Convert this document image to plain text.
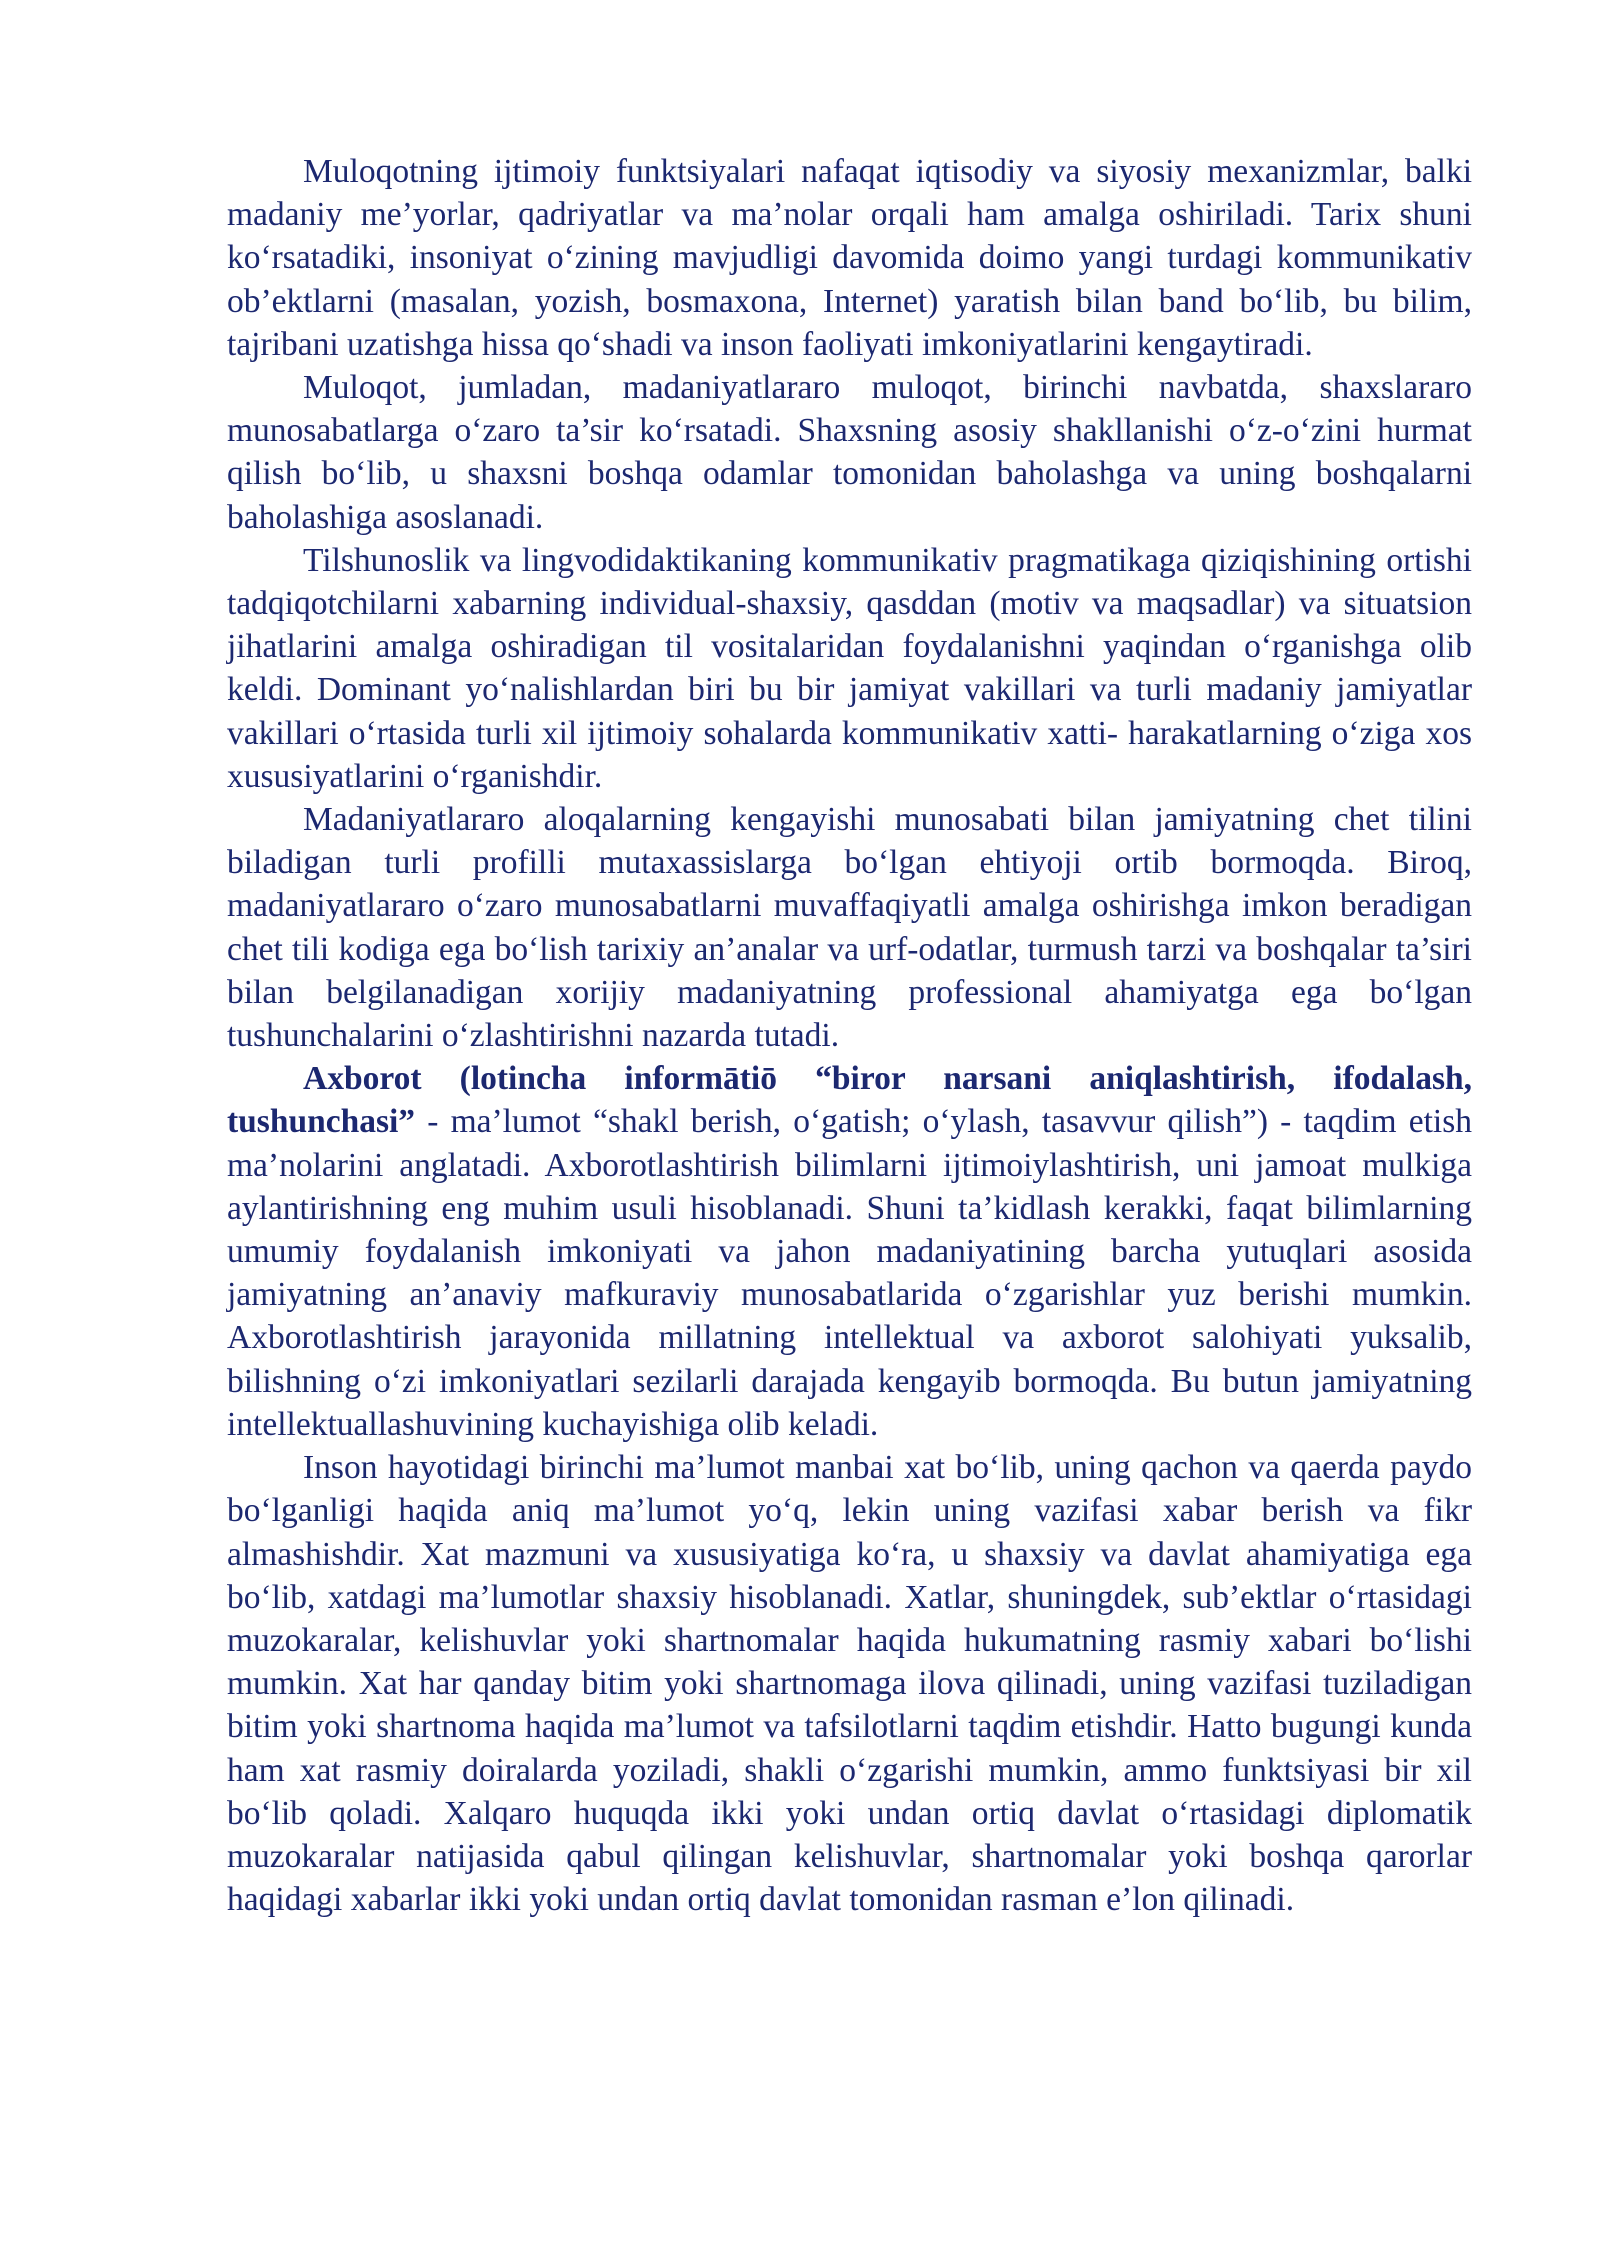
Muloqotning ijtimoiy funktsiyalari nafaqat iqtisodiy va siyosiy mexanizmlar, balki madaniy me’yorlar, qadriyatlar va ma’nolar orqali ham amalga oshiriladi. Tarix shuni ko‘rsatadiki, insoniyat o‘zining mavjudligi davomida doimo yangi turdagi kommunikativ ob’ektlarni (masalan, yozish, bosmaxona, Internet) yaratish bilan band bo‘lib, bu bilim, tajribani uzatishga hissa qo‘shadi va inson faoliyati imkoniyatlarini kengaytiradi.

Muloqot, jumladan, madaniyatlararo muloqot, birinchi navbatda, shaxslararo munosabatlarga o‘zaro ta’sir ko‘rsatadi. Shaxsning asosiy shakllanishi o‘z-o‘zini hurmat qilish bo‘lib, u shaxsni boshqa odamlar tomonidan baholashga va uning boshqalarni baholashiga asoslanadi.

Tilshunoslik va lingvodidaktikaning kommunikativ pragmatikaga qiziqishining ortishi tadqiqotchilarni xabarning individual-shaxsiy, qasddan (motiv va maqsadlar) va situatsion jihatlarini amalga oshiradigan til vositalaridan foydalanishni yaqindan o‘rganishga olib keldi. Dominant yo‘nalishlardan biri bu bir jamiyat vakillari va turli madaniy jamiyatlar vakillari o‘rtasida turli xil ijtimoiy sohalarda kommunikativ xatti- harakatlarning o‘ziga xos xususiyatlarini o‘rganishdir.

Madaniyatlararo aloqalarning kengayishi munosabati bilan jamiyatning chet tilini biladigan turli profilli mutaxassislarga bo‘lgan ehtiyoji ortib bormoqda. Biroq, madaniyatlararo o‘zaro munosabatlarni muvaffaqiyatli amalga oshirishga imkon beradigan chet tili kodiga ega bo‘lish tarixiy an’analar va urf-odatlar, turmush tarzi va boshqalar ta’siri bilan belgilanadigan xorijiy madaniyatning professional ahamiyatga ega bo‘lgan tushunchalarini o‘zlashtirishni nazarda tutadi.

Axborot (lotincha informātiō “biror narsani aniqlashtirish, ifodalash, tushunchasi” - ma’lumot “shakl berish, o‘gatish; o‘ylash, tasavvur qilish”) - taqdim etish ma’nolarini anglatadi. Axborotlashtirish bilimlarni ijtimoiylashtirish, uni jamoat mulkiga aylantirishning eng muhim usuli hisoblanadi. Shuni ta’kidlash kerakki, faqat bilimlarning umumiy foydalanish imkoniyati va jahon madaniyatining barcha yutuqlari asosida jamiyatning an’anaviy mafkuraviy munosabatlarida o‘zgarishlar yuz berishi mumkin. Axborotlashtirish jarayonida millatning intellektual va axborot salohiyati yuksalib, bilishning o‘zi imkoniyatlari sezilarli darajada kengayib bormoqda. Bu butun jamiyatning intellektuallashuvining kuchayishiga olib keladi.

Inson hayotidagi birinchi ma’lumot manbai xat bo‘lib, uning qachon va qaerda paydo bo‘lganligi haqida aniq ma’lumot yo‘q, lekin uning vazifasi xabar berish va fikr almashishdir. Xat mazmuni va xususiyatiga ko‘ra, u shaxsiy va davlat ahamiyatiga ega bo‘lib, xatdagi ma’lumotlar shaxsiy hisoblanadi. Xatlar, shuningdek, sub’ektlar o‘rtasidagi muzokaralar, kelishuvlar yoki shartnomalar haqida hukumatning rasmiy xabari bo‘lishi mumkin. Xat har qanday bitim yoki shartnomaga ilova qilinadi, uning vazifasi tuziladigan bitim yoki shartnoma haqida ma’lumot va tafsilotlarni taqdim etishdir. Hatto bugungi kunda ham xat rasmiy doiralarda yoziladi, shakli o‘zgarishi mumkin, ammo funktsiyasi bir xil bo‘lib qoladi. Xalqaro huquqda ikki yoki undan ortiq davlat o‘rtasidagi diplomatik muzokaralar natijasida qabul qilingan kelishuvlar, shartnomalar yoki boshqa qarorlar haqidagi xabarlar ikki yoki undan ortiq davlat tomonidan rasman e’lon qilinadi.
